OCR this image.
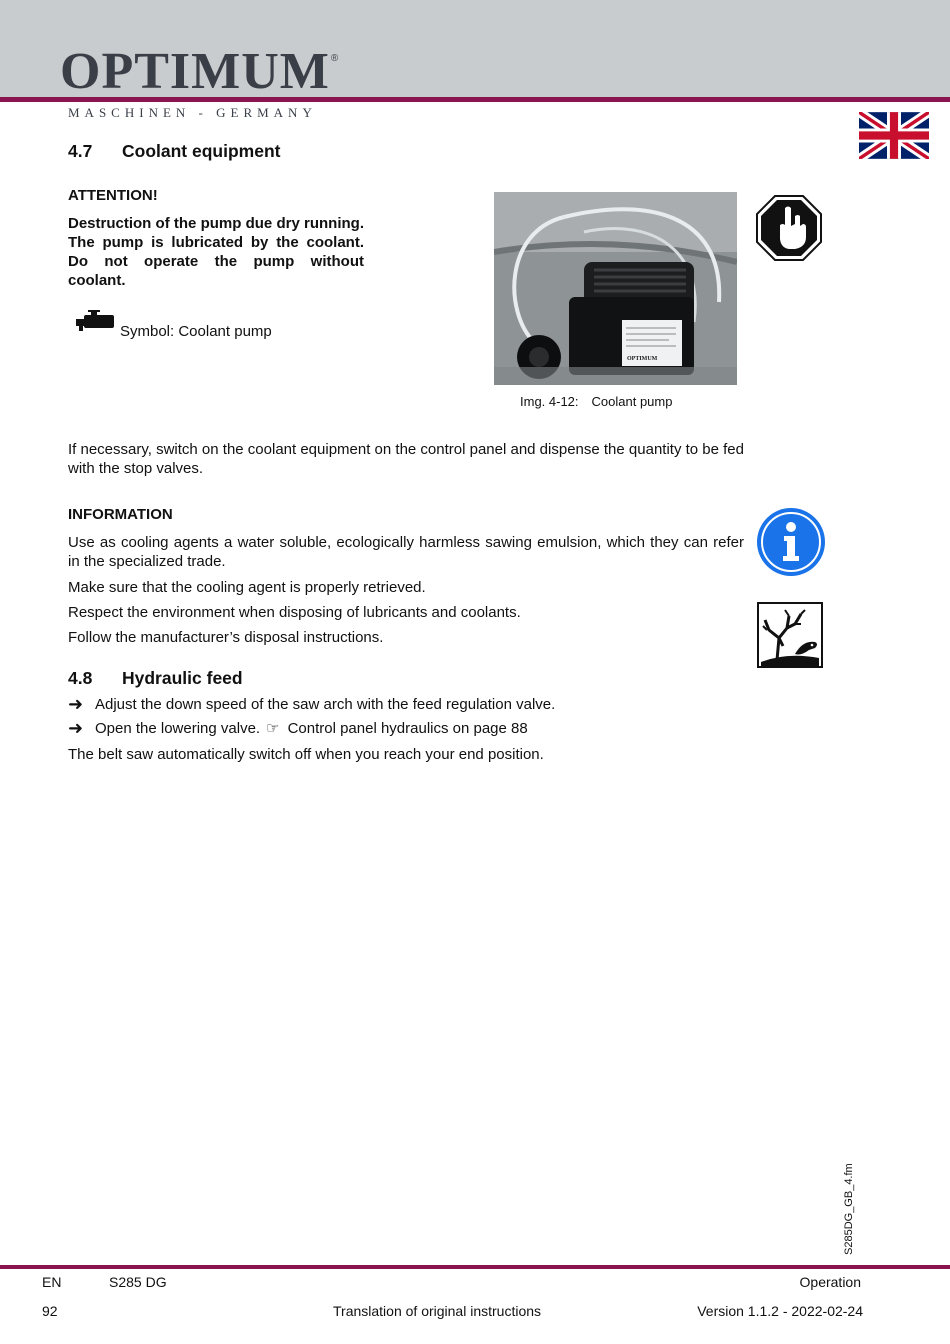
OPTIMUM®
MASCHINEN - GERMANY
4.7 Coolant equipment
ATTENTION!
Destruction of the pump due dry running. The pump is lubricated by the coolant. Do not operate the pump without coolant.
Symbol: Coolant pump
OPTIMUM
Img. 4-12: Coolant pump
If necessary, switch on the coolant equipment on the control panel and dispense the quantity to be fed with the stop valves.
INFORMATION
Use as cooling agents a water soluble, ecologically harmless sawing emulsion, which they can refer in the specialized trade.
Make sure that the cooling agent is properly retrieved.
Respect the environment when disposing of lubricants and coolants.
Follow the manufacturer’s disposal instructions.
4.8 Hydraulic feed
➜ Adjust the down speed of the saw arch with the feed regulation valve.
➜ Open the lowering valve. ☞ Control panel hydraulics on page 88
The belt saw automatically switch off when you reach your end position.
S285DG_GB_4.fm
EN	S285 DG	Operation
92	Translation of original instructions	Version 1.1.2 - 2022-02-24
